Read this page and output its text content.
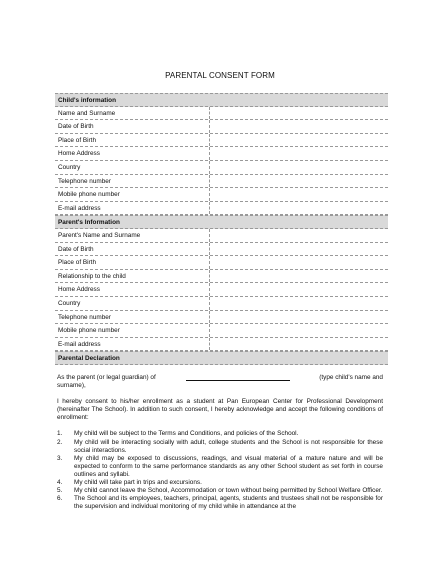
PARENTAL CONSENT FORM
Child's information
Name and Surname
Date of Birth
Place of Birth
Home Address
Country
Telephone number
Mobile phone number
E-mail address
Parent's Information
Parent's Name and Surname
Date of Birth
Place of Birth
Relationship to the child
Home Address
Country
Telephone number
Mobile phone number
E-mail address
Parental Declaration

As the parent (or legal guardian) of	(type child's name and
surname),

I hereby consent to his/her enrollment as a student at Pan European Center for Professional Development (hereinafter The School). In addition to such consent, I hereby acknowledge and accept the following conditions of enrollment:

1.	My child will be subject to the Terms and Conditions, and policies of the School.
2.	My child will be interacting socially with adult, college students and the School is not responsible for these social interactions.
3.	My child may be exposed to discussions, readings, and visual material of a mature nature and will be expected to conform to the same performance standards as any other School student as set forth in course outlines and syllabi.
4.	My child will take part in trips and excursions.
5.	My child cannot leave the School, Accommodation or town without being permitted by School Welfare Officer.
6.	The School and its employees, teachers, principal, agents, students and trustees shall not be responsible for the supervision and individual monitoring of my child while in attendance at the
